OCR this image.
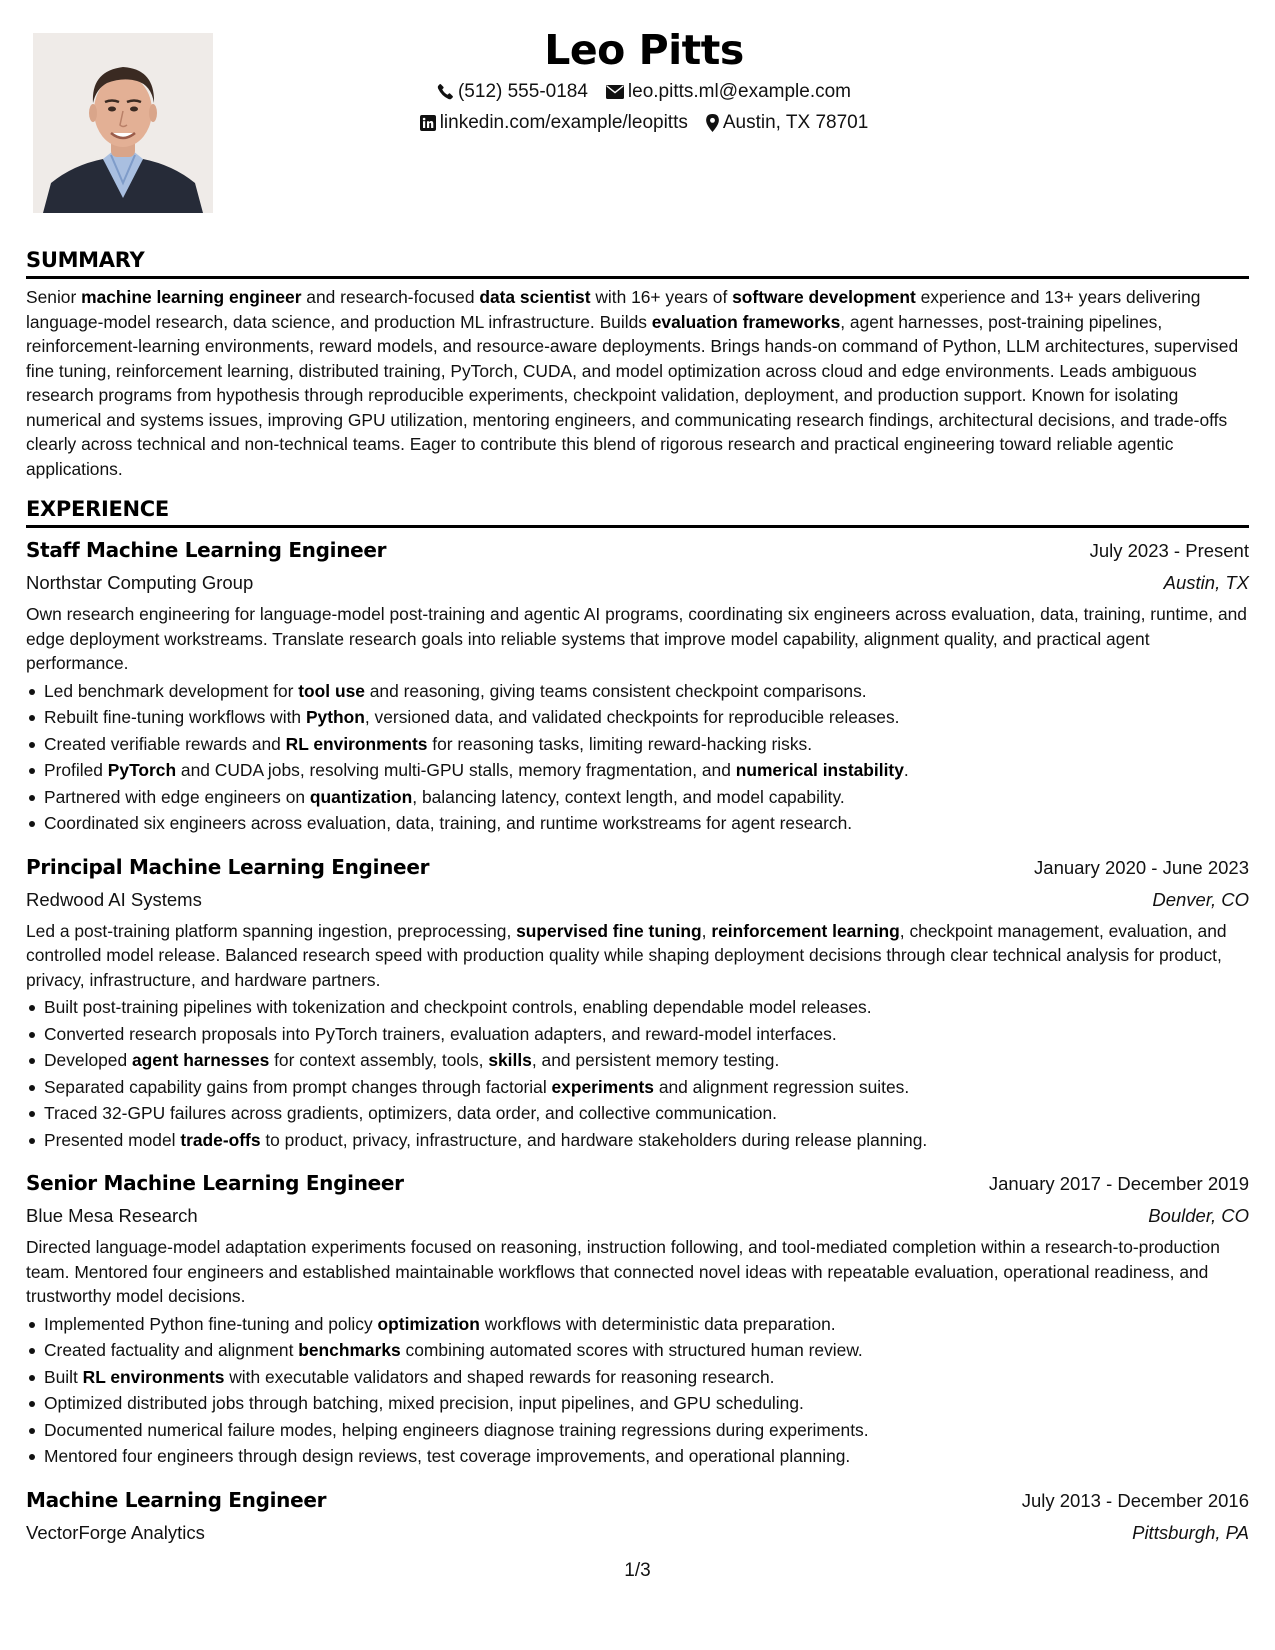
Leo Pitts
(512) 555-0184 leo.pitts.ml@example.com
linkedin.com/example/leopitts Austin, TX 78701
SUMMARY

Senior machine learning engineer and research-focused data scientist with 16+ years of software development experience and 13+ years delivering language-model research, data science, and production ML infrastructure. Builds evaluation frameworks, agent harnesses, post-training pipelines, reinforcement-learning environments, reward models, and resource-aware deployments. Brings hands-on command of Python, LLM architectures, supervised fine tuning, reinforcement learning, distributed training, PyTorch, CUDA, and model optimization across cloud and edge environments. Leads ambiguous research programs from hypothesis through reproducible experiments, checkpoint validation, deployment, and production support. Known for isolating numerical and systems issues, improving GPU utilization, mentoring engineers, and communicating research findings, architectural decisions, and trade-offs clearly across technical and non-technical teams. Eager to contribute this blend of rigorous research and practical engineering toward reliable agentic applications.

EXPERIENCE
Staff Machine Learning Engineer	July 2023 - Present
Northstar Computing Group	Austin, TX

Own research engineering for language-model post-training and agentic AI programs, coordinating six engineers across evaluation, data, training, runtime, and edge deployment workstreams. Translate research goals into reliable systems that improve model capability, alignment quality, and practical agent performance.

Led benchmark development for tool use and reasoning, giving teams consistent checkpoint comparisons.
Rebuilt fine-tuning workflows with Python, versioned data, and validated checkpoints for reproducible releases.
Created verifiable rewards and RL environments for reasoning tasks, limiting reward-hacking risks.
Profiled PyTorch and CUDA jobs, resolving multi-GPU stalls, memory fragmentation, and numerical instability.
Partnered with edge engineers on quantization, balancing latency, context length, and model capability.
Coordinated six engineers across evaluation, data, training, and runtime workstreams for agent research.
Principal Machine Learning Engineer	January 2020 - June 2023
Redwood AI Systems	Denver, CO

Led a post-training platform spanning ingestion, preprocessing, supervised fine tuning, reinforcement learning, checkpoint management, evaluation, and controlled model release. Balanced research speed with production quality while shaping deployment decisions through clear technical analysis for product, privacy, infrastructure, and hardware partners.

Built post-training pipelines with tokenization and checkpoint controls, enabling dependable model releases.
Converted research proposals into PyTorch trainers, evaluation adapters, and reward-model interfaces.
Developed agent harnesses for context assembly, tools, skills, and persistent memory testing.
Separated capability gains from prompt changes through factorial experiments and alignment regression suites.
Traced 32-GPU failures across gradients, optimizers, data order, and collective communication.
Presented model trade-offs to product, privacy, infrastructure, and hardware stakeholders during release planning.
Senior Machine Learning Engineer	January 2017 - December 2019
Blue Mesa Research	Boulder, CO

Directed language-model adaptation experiments focused on reasoning, instruction following, and tool-mediated completion within a research-to-production team. Mentored four engineers and established maintainable workflows that connected novel ideas with repeatable evaluation, operational readiness, and trustworthy model decisions.

Implemented Python fine-tuning and policy optimization workflows with deterministic data preparation.
Created factuality and alignment benchmarks combining automated scores with structured human review.
Built RL environments with executable validators and shaped rewards for reasoning research.
Optimized distributed jobs through batching, mixed precision, input pipelines, and GPU scheduling.
Documented numerical failure modes, helping engineers diagnose training regressions during experiments.
Mentored four engineers through design reviews, test coverage improvements, and operational planning.
Machine Learning Engineer	July 2013 - December 2016
VectorForge Analytics	Pittsburgh, PA
1/3
